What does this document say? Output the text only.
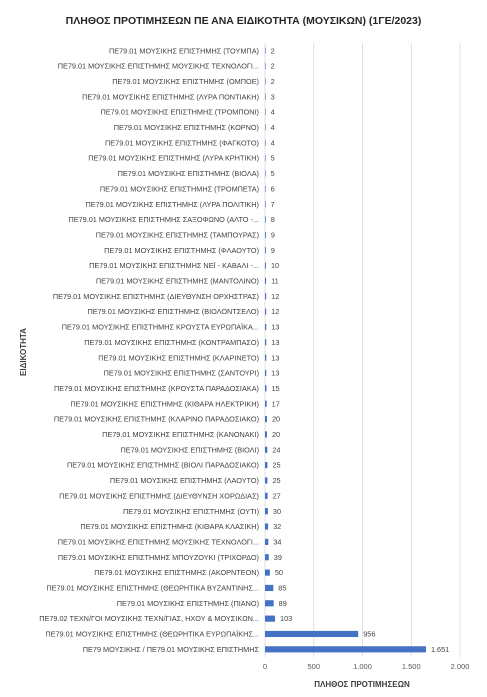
ΠΛΗΘΟΣ ΠΡΟΤΙΜΗΣΕΩΝ ΠΕ ΑΝΑ ΕΙΔΙΚΟΤΗΤΑ (ΜΟΥΣΙΚΩΝ) (1ΓΕ/2023)
ΠΕ79.01 ΜΟΥΣΙΚΗΣ ΕΠΙΣΤΗΜΗΣ (ΤΟΥΜΠΑ)
ΠΕ79.01 ΜΟΥΣΙΚΗΣ ΕΠΙΣΤΗΜΗΣ ΜΟΥΣΙΚΗΣ ΤΕΧΝΟΛΟΓΙ...
ΠΕ79.01 ΜΟΥΣΙΚΗΣ ΕΠΙΣΤΗΜΗΣ (ΟΜΠΟΕ)
ΠΕ79.01 ΜΟΥΣΙΚΗΣ ΕΠΙΣΤΗΜΗΣ (ΛΥΡΑ ΠΟΝΤΙΑΚΗ)
ΠΕ79.01 ΜΟΥΣΙΚΗΣ ΕΠΙΣΤΗΜΗΣ (ΤΡΟΜΠΟΝΙ)
ΠΕ79.01 ΜΟΥΣΙΚΗΣ ΕΠΙΣΤΗΜΗΣ (ΚΟΡΝΟ)
ΠΕ79.01 ΜΟΥΣΙΚΗΣ ΕΠΙΣΤΗΜΗΣ (ΦΑΓΚΟΤΟ)
ΠΕ79.01 ΜΟΥΣΙΚΗΣ ΕΠΙΣΤΗΜΗΣ (ΛΥΡΑ ΚΡΗΤΙΚΗ)
ΠΕ79.01 ΜΟΥΣΙΚΗΣ ΕΠΙΣΤΗΜΗΣ (ΒΙΟΛΑ)
ΠΕ79.01 ΜΟΥΣΙΚΗΣ ΕΠΙΣΤΗΜΗΣ (ΤΡΟΜΠΕΤΑ)
ΠΕ79.01 ΜΟΥΣΙΚΗΣ ΕΠΙΣΤΗΜΗΣ (ΛΥΡΑ ΠΟΛΙΤΙΚΗ)
ΠΕ79.01 ΜΟΥΣΙΚΗΣ ΕΠΙΣΤΗΜΗΣ ΣΑΞΟΦΩΝΟ (ΑΛΤΟ -...
ΠΕ79.01 ΜΟΥΣΙΚΗΣ ΕΠΙΣΤΗΜΗΣ (ΤΑΜΠΟΥΡΑΣ)
ΠΕ79.01 ΜΟΥΣΙΚΗΣ ΕΠΙΣΤΗΜΗΣ (ΦΛΑΟΥΤΟ)
ΠΕ79.01 ΜΟΥΣΙΚΗΣ ΕΠΙΣΤΗΜΗΣ ΝΕΪ - ΚΑΒΑΛΙ -...
ΠΕ79.01 ΜΟΥΣΙΚΗΣ ΕΠΙΣΤΗΜΗΣ (ΜΑΝΤΟΛΙΝΟ)
ΠΕ79.01 ΜΟΥΣΙΚΗΣ ΕΠΙΣΤΗΜΗΣ (ΔΙΕΥΘΥΝΣΗ ΟΡΧΗΣΤΡΑΣ)
ΠΕ79.01 ΜΟΥΣΙΚΗΣ ΕΠΙΣΤΗΜΗΣ (ΒΙΟΛΟΝΤΣΕΛΟ)
ΠΕ79.01 ΜΟΥΣΙΚΗΣ ΕΠΙΣΤΗΜΗΣ ΚΡΟΥΣΤΑ ΕΥΡΩΠΑΪΚΑ...
ΠΕ79.01 ΜΟΥΣΙΚΗΣ ΕΠΙΣΤΗΜΗΣ (ΚΟΝΤΡΑΜΠΑΣΟ)
ΠΕ79.01 ΜΟΥΣΙΚΗΣ ΕΠΙΣΤΗΜΗΣ (ΚΛΑΡΙΝΕΤΟ)
ΠΕ79.01 ΜΟΥΣΙΚΗΣ ΕΠΙΣΤΗΜΗΣ (ΣΑΝΤΟΥΡΙ)
ΠΕ79.01 ΜΟΥΣΙΚΗΣ ΕΠΙΣΤΗΜΗΣ (ΚΡΟΥΣΤΑ ΠΑΡΑΔΟΣΙΑΚΑ)
ΠΕ79.01 ΜΟΥΣΙΚΗΣ ΕΠΙΣΤΗΜΗΣ (ΚΙΘΑΡΑ ΗΛΕΚΤΡΙΚΗ)
ΠΕ79.01 ΜΟΥΣΙΚΗΣ ΕΠΙΣΤΗΜΗΣ (ΚΛΑΡΙΝΟ ΠΑΡΑΔΟΣΙΑΚΟ)
ΠΕ79.01 ΜΟΥΣΙΚΗΣ ΕΠΙΣΤΗΜΗΣ (ΚΑΝΟΝΑΚΙ)
ΠΕ79.01 ΜΟΥΣΙΚΗΣ ΕΠΙΣΤΗΜΗΣ (ΒΙΟΛΙ)
ΠΕ79.01 ΜΟΥΣΙΚΗΣ ΕΠΙΣΤΗΜΗΣ (ΒΙΟΛΙ ΠΑΡΑΔΟΣΙΑΚΟ)
ΠΕ79.01 ΜΟΥΣΙΚΗΣ ΕΠΙΣΤΗΜΗΣ (ΛΑΟΥΤΟ)
ΠΕ79.01 ΜΟΥΣΙΚΗΣ ΕΠΙΣΤΗΜΗΣ (ΔΙΕΥΘΥΝΣΗ ΧΟΡΩΔΙΑΣ)
ΠΕ79.01 ΜΟΥΣΙΚΗΣ ΕΠΙΣΤΗΜΗΣ (ΟΥΤΙ)
ΠΕ79.01 ΜΟΥΣΙΚΗΣ ΕΠΙΣΤΗΜΗΣ (ΚΙΘΑΡΑ ΚΛΑΣΙΚΗ)
ΠΕ79.01 ΜΟΥΣΙΚΗΣ ΕΠΙΣΤΗΜΗΣ ΜΟΥΣΙΚΗΣ ΤΕΧΝΟΛΟΓΙ...
ΠΕ79.01 ΜΟΥΣΙΚΗΣ ΕΠΙΣΤΗΜΗΣ ΜΠΟΥΖΟΥΚΙ (ΤΡΙΧΟΡΔΟ)
ΠΕ79.01 ΜΟΥΣΙΚΗΣ ΕΠΙΣΤΗΜΗΣ (ΑΚΟΡΝΤΕΟΝ)
ΠΕ79.01 ΜΟΥΣΙΚΗΣ ΕΠΙΣΤΗΜΗΣ (ΘΕΩΡΗΤΙΚΑ ΒΥΖΑΝΤΙΝΗΣ...
ΠΕ79.01 ΜΟΥΣΙΚΗΣ ΕΠΙΣΤΗΜΗΣ (ΠΙΑΝΟ)
ΠΕ79.02 ΤΕΧΝ/ΓΟΙ ΜΟΥΣΙΚΗΣ ΤΕΧΝ/ΓΙΑΣ, ΗΧΟΥ & ΜΟΥΣΙΚΩΝ...
ΠΕ79.01 ΜΟΥΣΙΚΗΣ ΕΠΙΣΤΗΜΗΣ (ΘΕΩΡΗΤΙΚΑ ΕΥΡΩΠΑΪΚΗΣ...
ΠΕ79 ΜΟΥΣΙΚΗΣ / ΠΕ79.01 ΜΟΥΣΙΚΗΣ ΕΠΙΣΤΗΜΗΣ
2
2
2
3
4
4
4
5
5
6
7
8
9
9
10
11
12
12
13
13
13
13
15
17
20
20
24
25
25
27
30
32
34
39
50
85
89
103
956
1.651
0	500	1.000	1.500	2.000
ΠΛΗΘΟΣ ΠΡΟΤΙΜΗΣΕΩΝ
ΕΙΔΙΚΟΤΗΤΑ
